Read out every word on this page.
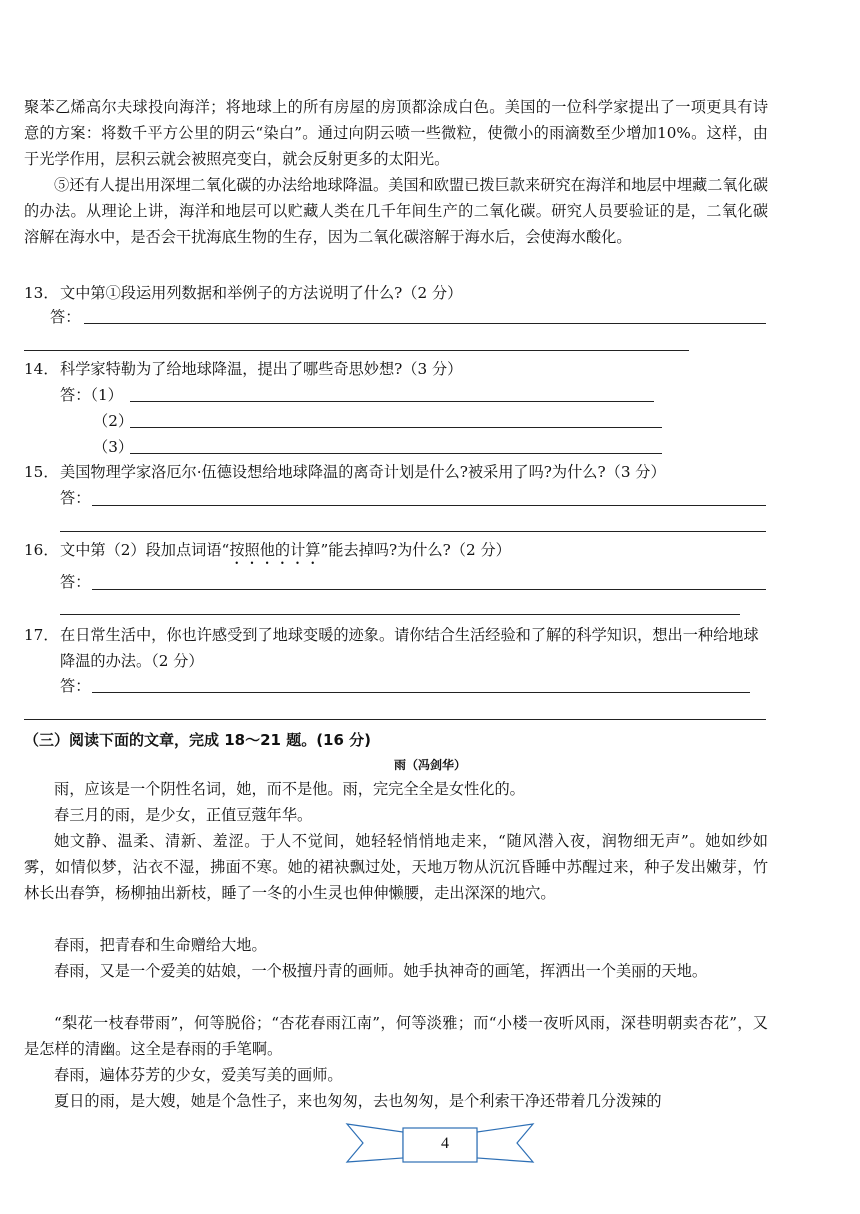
聚苯乙烯高尔夫球投向海洋；将地球上的所有房屋的房顶都涂成白色。美国的一位科学家提出了一项更具有诗意的方案：将数千平方公里的阴云“染白”。通过向阴云喷一些微粒，使微小的雨滴数至少增加10%。这样，由于光学作用，层积云就会被照亮变白，就会反射更多的太阳光。

⑤还有人提出用深埋二氧化碳的办法给地球降温。美国和欧盟已拨巨款来研究在海洋和地层中埋藏二氧化碳的办法。从理论上讲，海洋和地层可以贮藏人类在几千年间生产的二氧化碳。研究人员要验证的是，二氧化碳溶解在海水中，是否会干扰海底生物的生存，因为二氧化碳溶解于海水后，会使海水酸化。

13．文中第①段运用列数据和举例子的方法说明了什么?（2 分）
答：
14．科学家特勒为了给地球降温，提出了哪些奇思妙想?（3 分）
答：（1）
（2）
（3）
15．美国物理学家洛厄尔·伍德设想给地球降温的离奇计划是什么?被采用了吗?为什么?（3 分）
答：
16．文中第（2）段加点词语“按照他的计算”能去掉吗?为什么?（2 分）
答：
17．在日常生活中，你也许感受到了地球变暖的迹象。请你结合生活经验和了解的科学知识，想出一种给地球降温的办法。（2 分）
答：
（三）阅读下面的文章，完成 18～21 题。(16 分)
雨（冯剑华）

雨，应该是一个阴性名词，她，而不是他。雨，完完全全是女性化的。

春三月的雨，是少女，正值豆蔻年华。

她文静、温柔、清新、羞涩。于人不觉间，她轻轻悄悄地走来，“随风潜入夜，润物细无声”。她如纱如雾，如情似梦，沾衣不湿，拂面不寒。她的裙袂飘过处，天地万物从沉沉昏睡中苏醒过来，种子发出嫩芽，竹林长出春笋，杨柳抽出新枝，睡了一冬的小生灵也伸伸懒腰，走出深深的地穴。

春雨，把青春和生命赠给大地。

春雨，又是一个爱美的姑娘，一个极擅丹青的画师。她手执神奇的画笔，挥洒出一个美丽的天地。

“梨花一枝春带雨”，何等脱俗；“杏花春雨江南”，何等淡雅；而“小楼一夜听风雨，深巷明朝卖杏花”，又是怎样的清幽。这全是春雨的手笔啊。

春雨，遍体芬芳的少女，爱美写美的画师。

夏日的雨，是大嫂，她是个急性子，来也匆匆，去也匆匆，是个利索干净还带着几分泼辣的

4
